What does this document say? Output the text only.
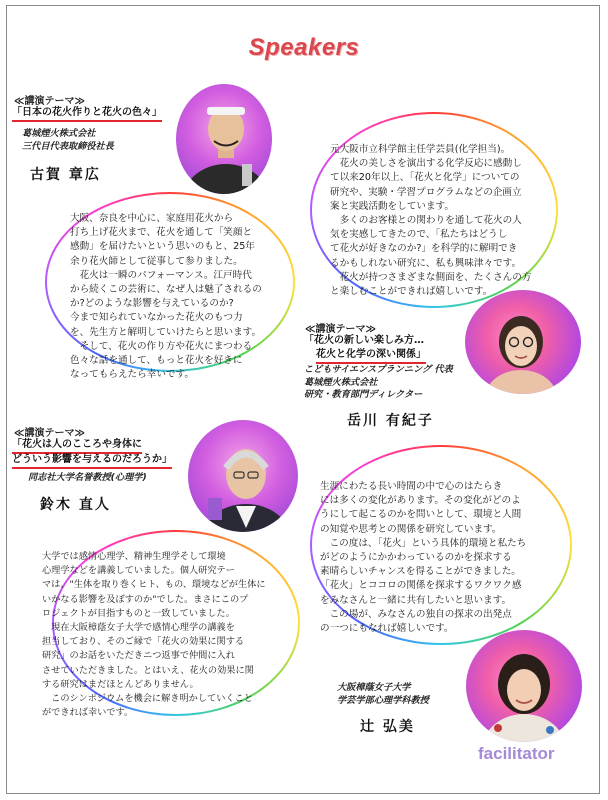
Speakers
大阪、奈良を中心に、家庭用花火から
打ち上げ花火まで、花火を通して「笑顔と
感動」を届けたいという思いのもと、25年
余り花火師として従事して参りました。
　花火は一瞬のパフォーマンス。江戸時代
から続くこの芸術に、なぜ人は魅了されるの
か?どのような影響を与えているのか?
今まで知られていなかった花火のもつ力
を、先生方と解明していけたらと思います。
　そして、花火の作り方や花火にまつわる
色々な話を通して、もっと花火を好きに
なってもらえたら幸いです。
≪講演テーマ≫
「日本の花火作りと花火の色々」
葛城煙火株式会社
三代目代表取締役社長
古賀 章広
元大阪市立科学館主任学芸員(化学担当)。
　花火の美しさを演出する化学反応に感動し
て以来20年以上、「花火と化学」についての
研究や、実験・学習プログラムなどの企画立
案と実践活動をしています。
　多くのお客様との関わりを通して花火の人
気を実感してきたので、「私たちはどうし
て花火が好きなのか?」を科学的に解明でき
るかもしれない研究に、私も興味津々です。
　花火が持つさまざまな側面を、たくさんの方
と楽しむことができれば嬉しいです。
≪講演テーマ≫
「花火の新しい楽しみ方…
花火と化学の深い関係」
こどもサイエンスプランニング 代表
葛城煙火株式会社
研究・教育部門ディレクター
岳川 有紀子
大学では感情心理学、精神生理学そして環境
心理学などを講義していました。個人研究テー
マは、"生体を取り巻くヒト、もの、環境などが生体に
いかなる影響を及ぼすのか"でした。まさにこのプ
ロジェクトが目指すものと一致していました。
　現在大阪樟蔭女子大学で感情心理学の講義を
担当しており、そのご縁で「花火の効果に関する
研究」のお話をいただきニつ返事で仲間に入れ
させていただきました。とはいえ、花火の効果に関
する研究はまだほとんどありません。
　このシンポジウムを機会に解き明かしていくこと
ができれば幸いです。
≪講演テーマ≫
「花火は人のこころや身体に
どういう影響を与えるのだろうか」
同志社大学名誉教授(心理学)
鈴木 直人
生涯にわたる長い時間の中で心のはたらき
には多くの変化があります。その変化がどのよ
うにして起こるのかを問いとして、環境と人間
の知覚や思考との関係を研究しています。
　この度は、「花火」という具体的環境と私たち
がどのようにかかわっているのかを探求する
素晴らしいチャンスを得ることができました。
「花火」とココロの関係を探求するワクワク感
をみなさんと一緒に共有したいと思います。
　この場が、みなさんの独自の探求の出発点
の一つにもなれば嬉しいです。
大阪樟蔭女子大学
学芸学部心理学科教授
辻 弘美
facilitator
